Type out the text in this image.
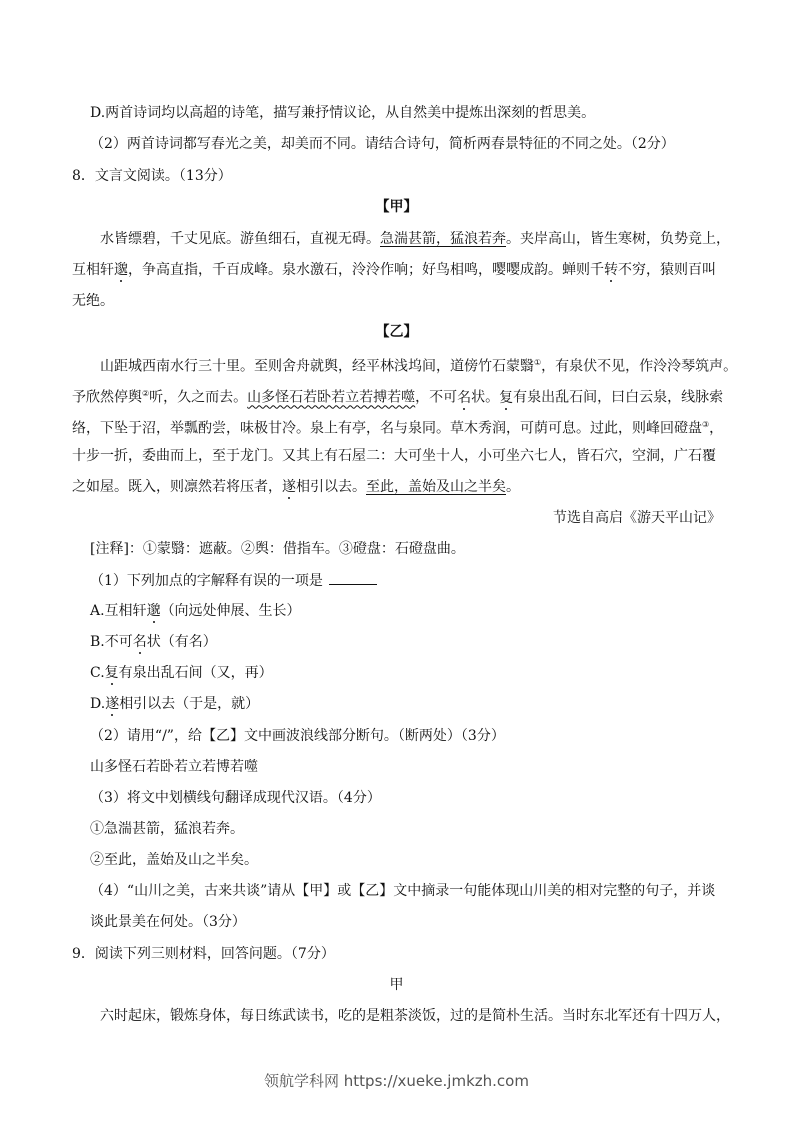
D.两首诗词均以高超的诗笔，描写兼抒情议论，从自然美中提炼出深刻的哲思美。
（2）两首诗词都写春光之美，却美而不同。请结合诗句，简析两春景特征的不同之处。（2分）
8．文言文阅读。（13分）
【甲】
水皆缥碧，千丈见底。游鱼细石，直视无碍。急湍甚箭，猛浪若奔。夹岸高山，皆生寒树，负势竞上，
互相轩邈，争高直指，千百成峰。泉水激石，泠泠作响；好鸟相鸣，嘤嘤成韵。蝉则千转不穷，猿则百叫
无绝。
【乙】
山距城西南水行三十里。至则舍舟就舆，经平林浅坞间，道傍竹石蒙翳①，有泉伏不见，作泠泠琴筑声。
予欣然停舆②听，久之而去。山多怪石若卧若立若搏若噬，不可名状。复有泉出乱石间，曰白云泉，线脉索
络，下坠于沼，举瓢酌尝，味极甘冷。泉上有亭，名与泉同。草木秀润，可荫可息。过此，则峰回磴盘③，
十步一折，委曲而上，至于龙门。又其上有石屋二：大可坐十人，小可坐六七人，皆石穴，空洞，广石覆
之如屋。既入，则凛然若将压者，遂相引以去。至此，盖始及山之半矣。
节选自高启《游天平山记》
[注释]：①蒙翳：遮蔽。②舆：借指车。③磴盘：石磴盘曲。
（1）下列加点的字解释有误的一项是
A.互相轩邈（向远处伸展、生长）
B.不可名状（有名）
C.复有泉出乱石间（又，再）
D.遂相引以去（于是，就）
（2）请用“/”，给【乙】文中画波浪线部分断句。（断两处）（3分）
山多怪石若卧若立若博若噬
（3）将文中划横线句翻译成现代汉语。（4分）
①急湍甚箭，猛浪若奔。
②至此，盖始及山之半矣。
（4）“山川之美，古来共谈”请从【甲】或【乙】文中摘录一句能体现山川美的相对完整的句子，并谈
谈此景美在何处。（3分）
9．阅读下列三则材料，回答问题。（7分）
甲
六时起床，锻炼身体，每日练武读书，吃的是粗茶淡饭，过的是简朴生活。当时东北军还有十四万人，
领航学科网 https://xueke.jmkzh.com
